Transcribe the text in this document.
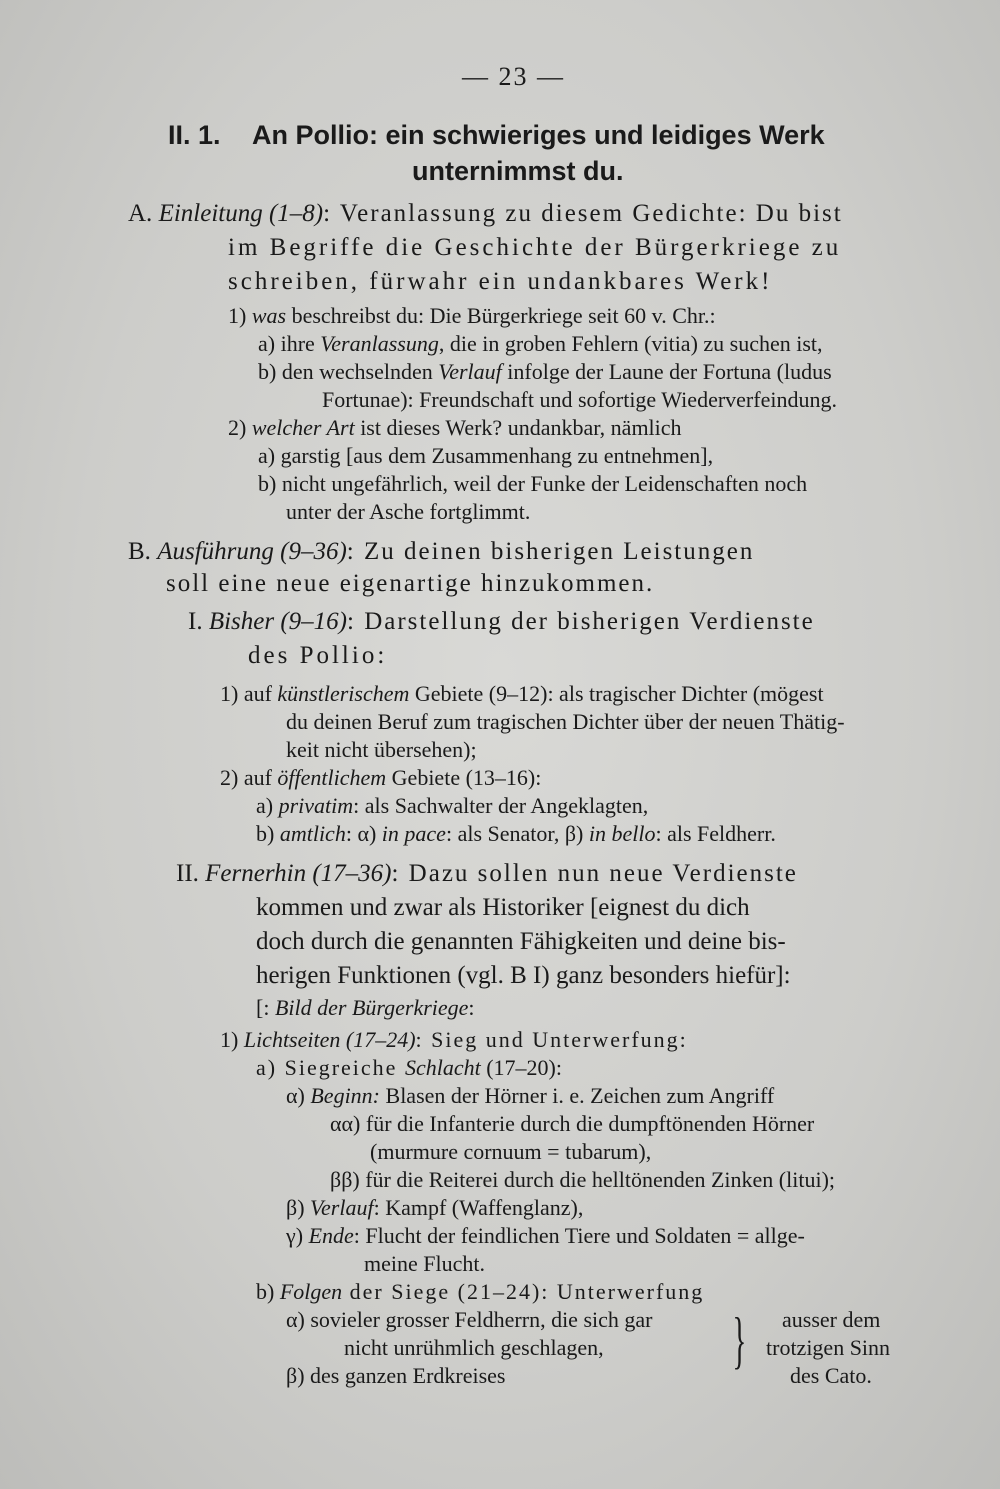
— 23 —
II. 1. An Pollio: ein schwieriges und leidiges Werk
unternimmst du.
A. Einleitung (1–8): Veranlassung zu diesem Gedichte: Du bist
im Begriffe die Geschichte der Bürgerkriege zu
schreiben, fürwahr ein undankbares Werk!
1) was beschreibst du: Die Bürgerkriege seit 60 v. Chr.:
a) ihre Veranlassung, die in groben Fehlern (vitia) zu suchen ist,
b) den wechselnden Verlauf infolge der Laune der Fortuna (ludus
Fortunae): Freundschaft und sofortige Wiederverfeindung.
2) welcher Art ist dieses Werk? undankbar, nämlich
a) garstig [aus dem Zusammenhang zu entnehmen],
b) nicht ungefährlich, weil der Funke der Leidenschaften noch
unter der Asche fortglimmt.
B. Ausführung (9–36): Zu deinen bisherigen Leistungen
soll eine neue eigenartige hinzukommen.
I. Bisher (9–16): Darstellung der bisherigen Verdienste
des Pollio:
1) auf künstlerischem Gebiete (9–12): als tragischer Dichter (mögest
du deinen Beruf zum tragischen Dichter über der neuen Thätig-
keit nicht übersehen);
2) auf öffentlichem Gebiete (13–16):
a) privatim: als Sachwalter der Angeklagten,
b) amtlich: α) in pace: als Senator, β) in bello: als Feldherr.
II. Fernerhin (17–36): Dazu sollen nun neue Verdienste
kommen und zwar als Historiker [eignest du dich
doch durch die genannten Fähigkeiten und deine bis-
herigen Funktionen (vgl. B I) ganz besonders hiefür]:
[: Bild der Bürgerkriege:
1) Lichtseiten (17–24): Sieg und Unterwerfung:
a) Siegreiche Schlacht (17–20):
α) Beginn: Blasen der Hörner i. e. Zeichen zum Angriff
αα) für die Infanterie durch die dumpftönenden Hörner
(murmure cornuum = tubarum),
ββ) für die Reiterei durch die helltönenden Zinken (litui);
β) Verlauf: Kampf (Waffenglanz),
γ) Ende: Flucht der feindlichen Tiere und Soldaten = allge-
meine Flucht.
b) Folgen der Siege (21–24): Unterwerfung
α) sovieler grosser Feldherrn, die sich gar
nicht unrühmlich geschlagen,
β) des ganzen Erdkreises
} ausser dem
trotzigen Sinn
des Cato.
